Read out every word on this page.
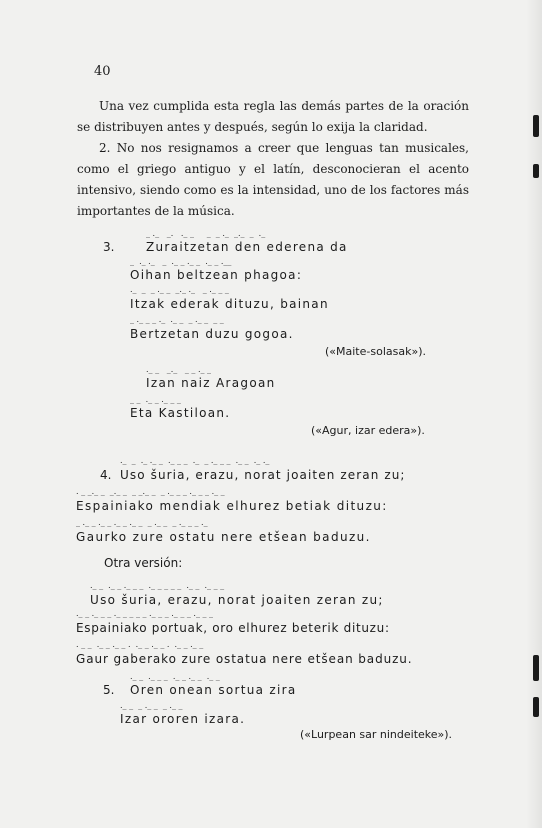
40

Una vez cumplida esta regla las demás partes de la oración se distribuyen antes y después, según lo exija la claridad.

2. No nos resignamos a creer que lenguas tan musicales, como el griego antiguo y el latín, desconocieran el acento intensivo, siendo como es la intensidad, uno de los factores más importantes de la música.

3.
_ ._   _.   ._ _     _  _ ._  _._  _  ._
Zuraitzetan den ederena da
_  ._ ._   _  ._ _ ._ _  ._ _ .__
Oihan beltzean phagoa:
._  _  _ ._ _  _._ ._   _ ._ _ _
Itzak ederak dituzu, bainan
_ ._ _ _ ._  ._ _  _ ._ _  _ _
Bertzetan duzu gogoa.
(«Maite-solasak»).
._ _   _._   _ _ ._ _
Izan naiz Aragoan
_ _  ._ _ ._ _ _
Eta Kastiloan.
(«Agur, izar edera»).
4.
._  _  ._ ._ _  ._ _ _  ._  _ ._ _ _  ._ _  ._ ._
Uso šuria, erazu, norat joaiten zeran zu;
. _ _._ _  _._ _  _ _._ _  _ ._ _ _ ._ _ _ ._ _
Espainiako mendiak elhurez betiak dituzu:
_ ._ _ ._ _ ._ _ ._ _  _ ._ _  _ ._ _ _ ._
Gaurko zure ostatu nere etšean baduzu.
Otra versión:
._ _  ._ _ ._ _ _  ._ _ _ _ _  ._ _  ._ _ _
Uso šuria, erazu, norat joaiten zeran zu;
._ _ ._ _ _ ._ _ _ _ _ ._ _ _ ._ _ _ ._ _ _
Espainiako portuak, oro elhurez beterik dituzu:
. _ _  ._ _ ._ _ .  ._ _ ._ _ .  ._ _ ._ _
Gaur gaberako zure ostatua nere etšean baduzu.
5.
._ _  ._ _ _  ._ _ ._ _  ._ _
Oren onean sortua zira
._ _  _ ._ _  _ ._ _
Izar ororen izara.
(«Lurpean sar nindeiteke»).
